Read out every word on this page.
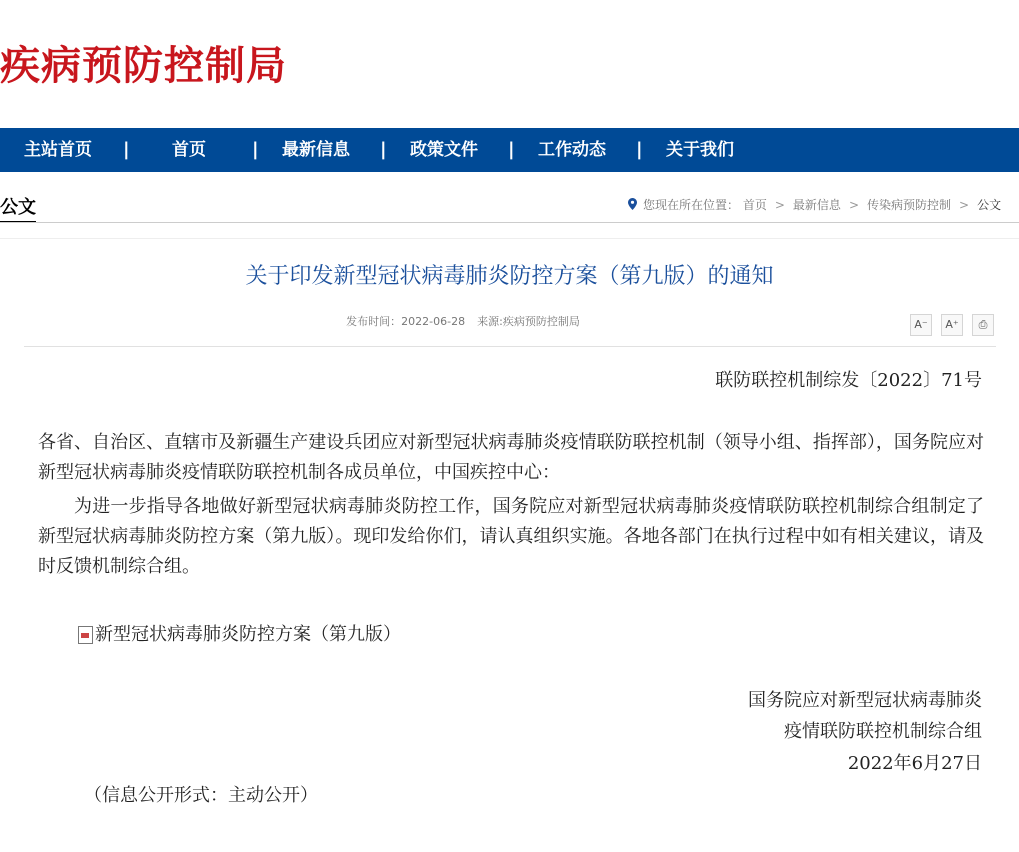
疾病预防控制局
主站首页 | 首页	| 最新信息 | 政策文件 | 工作动态 | 关于我们
公文	您现在所在位置： 首页 > 最新信息 > 传染病预防控制 > 公文
关于印发新型冠状病毒肺炎防控方案（第九版）的通知
发布时间：2022-06-28 来源:疾病预防控制局	A⁻	A⁺	⎙
联防联控机制综发〔2022〕71号
各省、自治区、直辖市及新疆生产建设兵团应对新型冠状病毒肺炎疫情联防联控机制（领导小组、指挥部），国务院应对新型冠状病毒肺炎疫情联防联控机制各成员单位，中国疾控中心：
为进一步指导各地做好新型冠状病毒肺炎防控工作，国务院应对新型冠状病毒肺炎疫情联防联控机制综合组制定了新型冠状病毒肺炎防控方案（第九版）。现印发给你们，请认真组织实施。各地各部门在执行过程中如有相关建议，请及时反馈机制综合组。
新型冠状病毒肺炎防控方案（第九版）
国务院应对新型冠状病毒肺炎
疫情联防联控机制综合组
2022年6月27日
（信息公开形式：主动公开）
